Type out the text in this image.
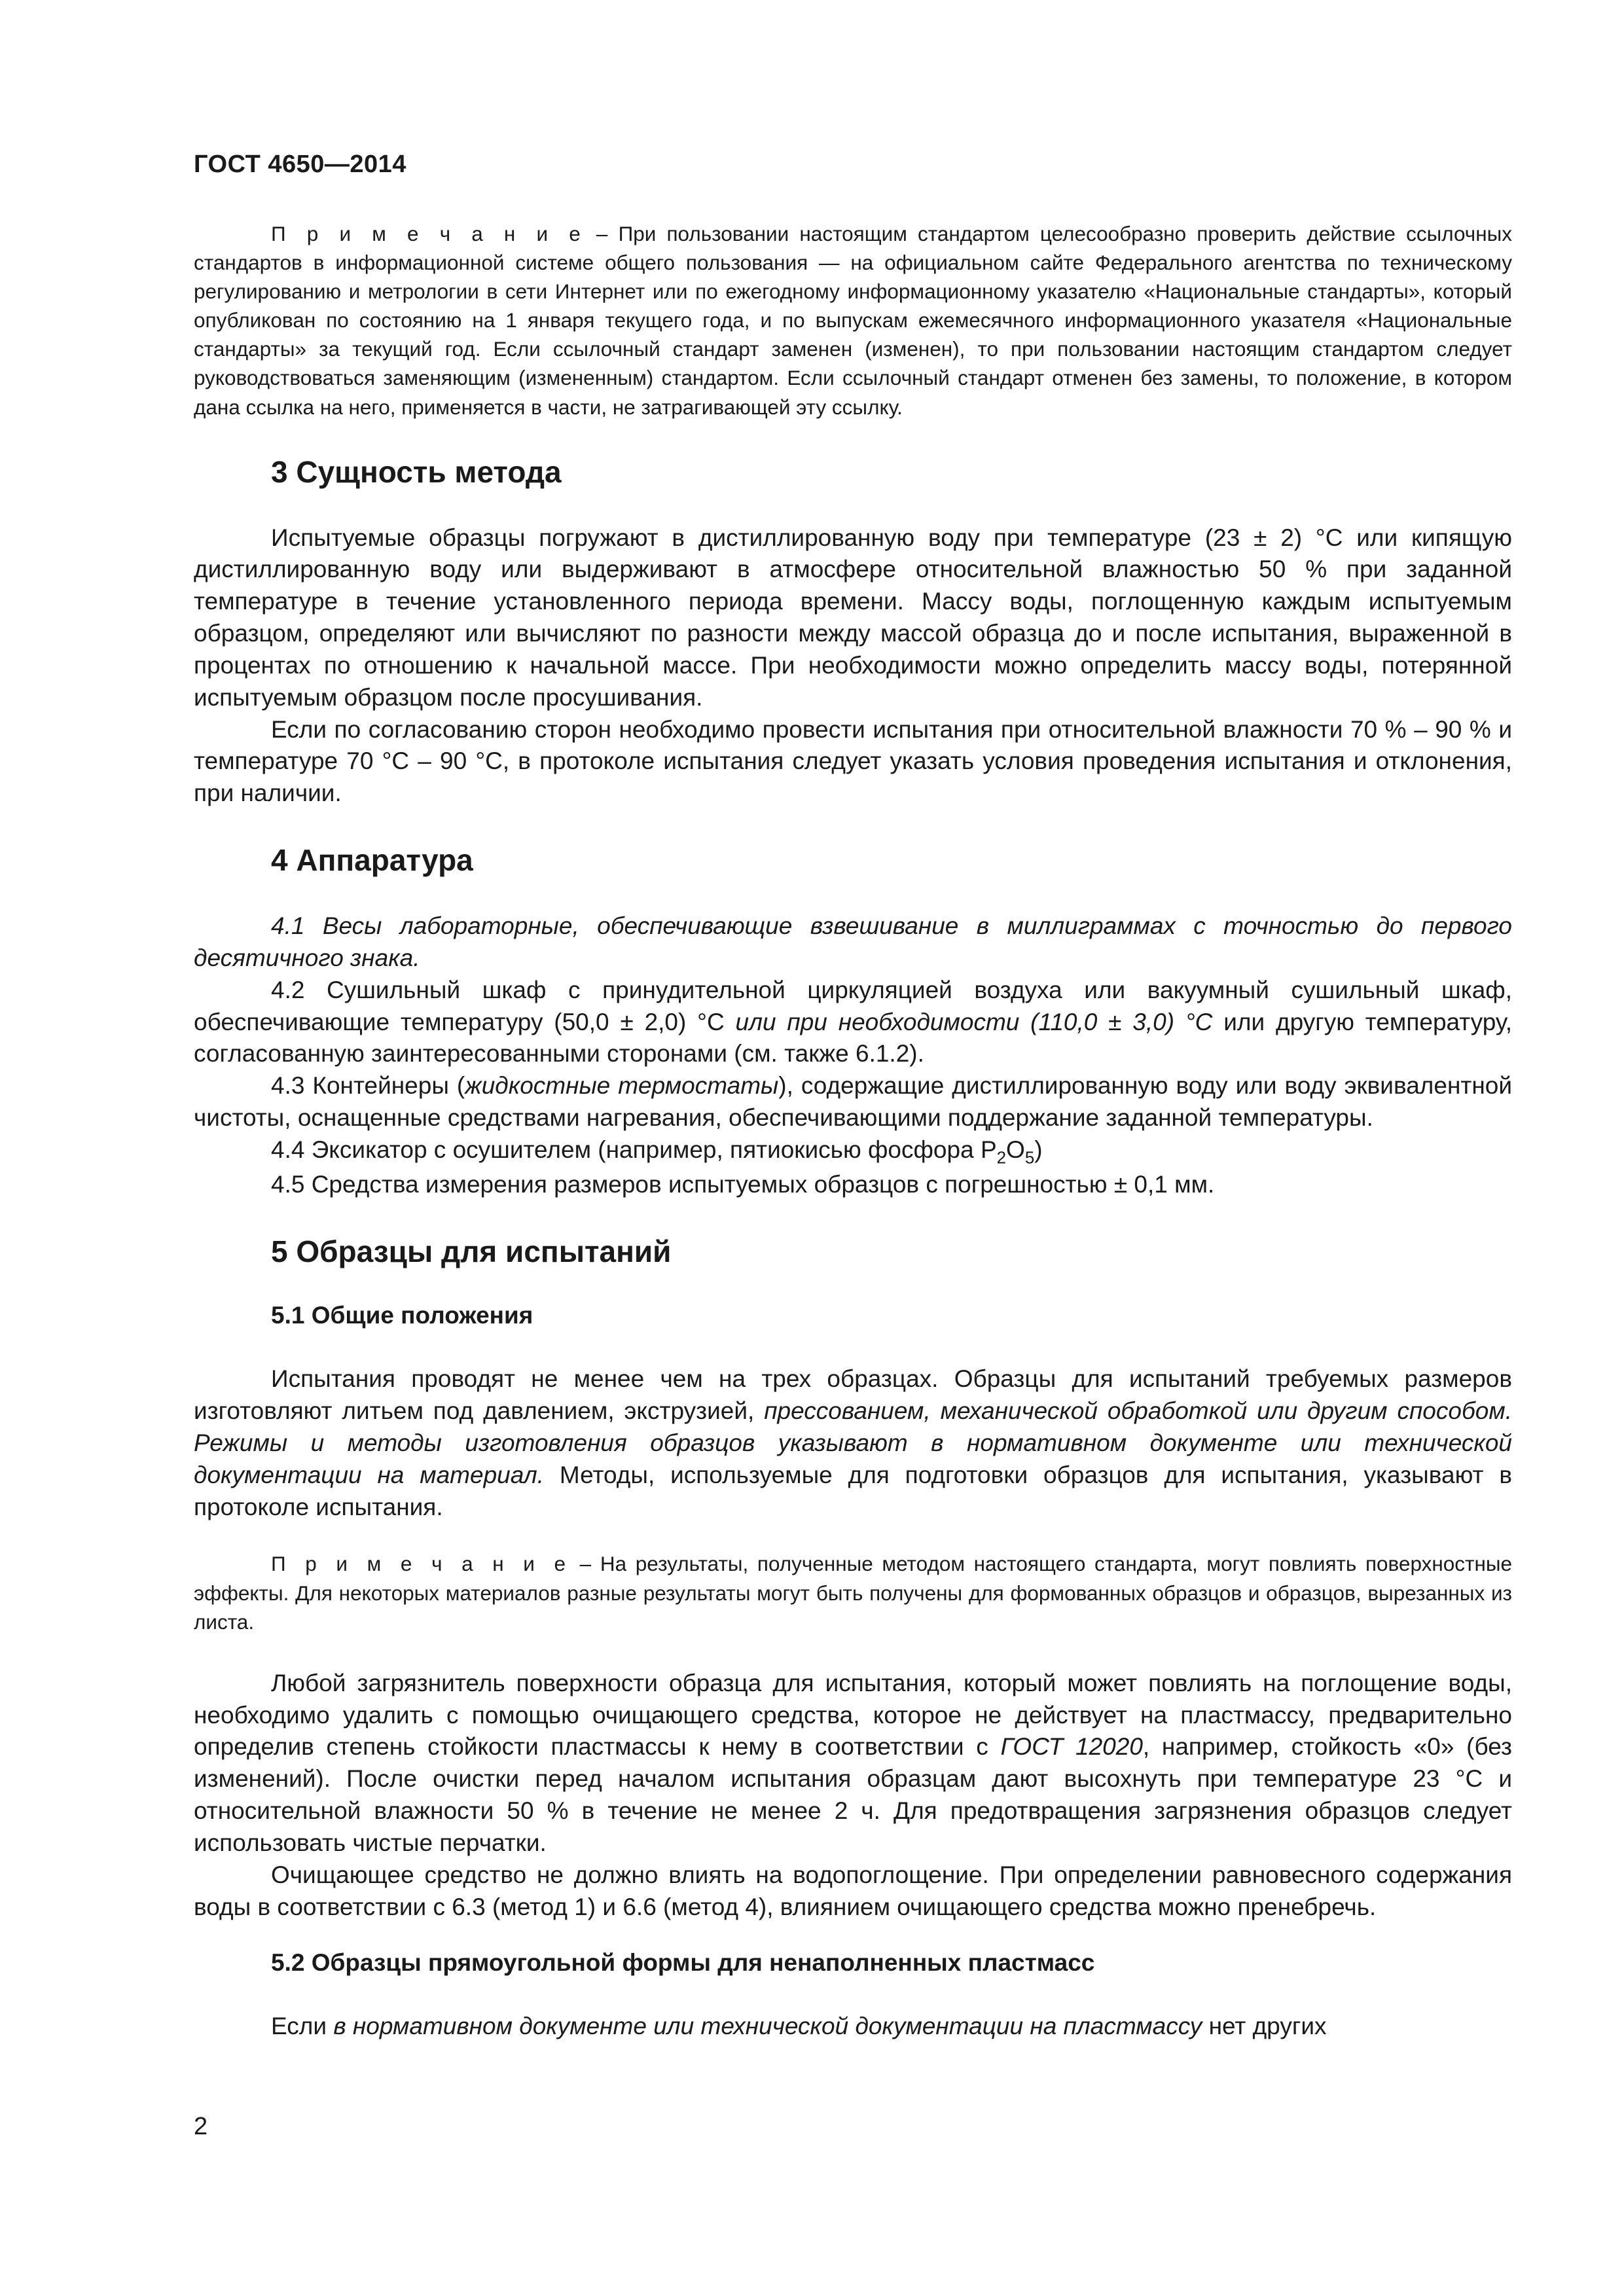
ГОСТ 4650—2014

П р и м е ч а н и е – При пользовании настоящим стандартом целесообразно проверить действие ссылочных стандартов в информационной системе общего пользования — на официальном сайте Федерального агентства по техническому регулированию и метрологии в сети Интернет или по ежегодному информационному указателю «Национальные стандарты», который опубликован по состоянию на 1 января текущего года, и по выпускам ежемесячного информационного указателя «Национальные стандарты» за текущий год. Если ссылочный стандарт заменен (изменен), то при пользовании настоящим стандартом следует руководствоваться заменяющим (измененным) стандартом. Если ссылочный стандарт отменен без замены, то положение, в котором дана ссылка на него, применяется в части, не затрагивающей эту ссылку.

3 Сущность метода

Испытуемые образцы погружают в дистиллированную воду при температуре (23 ± 2) °С или кипящую дистиллированную воду или выдерживают в атмосфере относительной влажностью 50 % при заданной температуре в течение установленного периода времени. Массу воды, поглощенную каждым испытуемым образцом, определяют или вычисляют по разности между массой образца до и после испытания, выраженной в процентах по отношению к начальной массе. При необходимости можно определить массу воды, потерянной испытуемым образцом после просушивания.

Если по согласованию сторон необходимо провести испытания при относительной влажности 70 % – 90 % и температуре 70 °С – 90 °С, в протоколе испытания следует указать условия проведения испытания и отклонения, при наличии.

4 Аппаратура

4.1 Весы лабораторные, обеспечивающие взвешивание в миллиграммах с точностью до первого десятичного знака.

4.2 Сушильный шкаф с принудительной циркуляцией воздуха или вакуумный сушильный шкаф, обеспечивающие температуру (50,0 ± 2,0) °С или при необходимости (110,0 ± 3,0) °С или другую температуру, согласованную заинтересованными сторонами (см. также 6.1.2).

4.3 Контейнеры (жидкостные термостаты), содержащие дистиллированную воду или воду эквивалентной чистоты, оснащенные средствами нагревания, обеспечивающими поддержание заданной температуры.

4.4 Эксикатор с осушителем (например, пятиокисью фосфора $P_2O_5$)

4.5 Средства измерения размеров испытуемых образцов с погрешностью ± 0,1 мм.

5 Образцы для испытаний
5.1 Общие положения

Испытания проводят не менее чем на трех образцах. Образцы для испытаний требуемых размеров изготовляют литьем под давлением, экструзией, прессованием, механической обработкой или другим способом. Режимы и методы изготовления образцов указывают в нормативном документе или технической документации на материал. Методы, используемые для подготовки образцов для испытания, указывают в протоколе испытания.

П р и м е ч а н и е – На результаты, полученные методом настоящего стандарта, могут повлиять поверхностные эффекты. Для некоторых материалов разные результаты могут быть получены для формованных образцов и образцов, вырезанных из листа.

Любой загрязнитель поверхности образца для испытания, который может повлиять на поглощение воды, необходимо удалить с помощью очищающего средства, которое не действует на пластмассу, предварительно определив степень стойкости пластмассы к нему в соответствии с ГОСТ 12020, например, стойкость «0» (без изменений). После очистки перед началом испытания образцам дают высохнуть при температуре 23 °С и относительной влажности 50 % в течение не менее 2 ч. Для предотвращения загрязнения образцов следует использовать чистые перчатки.

Очищающее средство не должно влиять на водопоглощение. При определении равновесного содержания воды в соответствии с 6.3 (метод 1) и 6.6 (метод 4), влиянием очищающего средства можно пренебречь.

5.2 Образцы прямоугольной формы для ненаполненных пластмасс

Если в нормативном документе или технической документации на пластмассу нет других

2
